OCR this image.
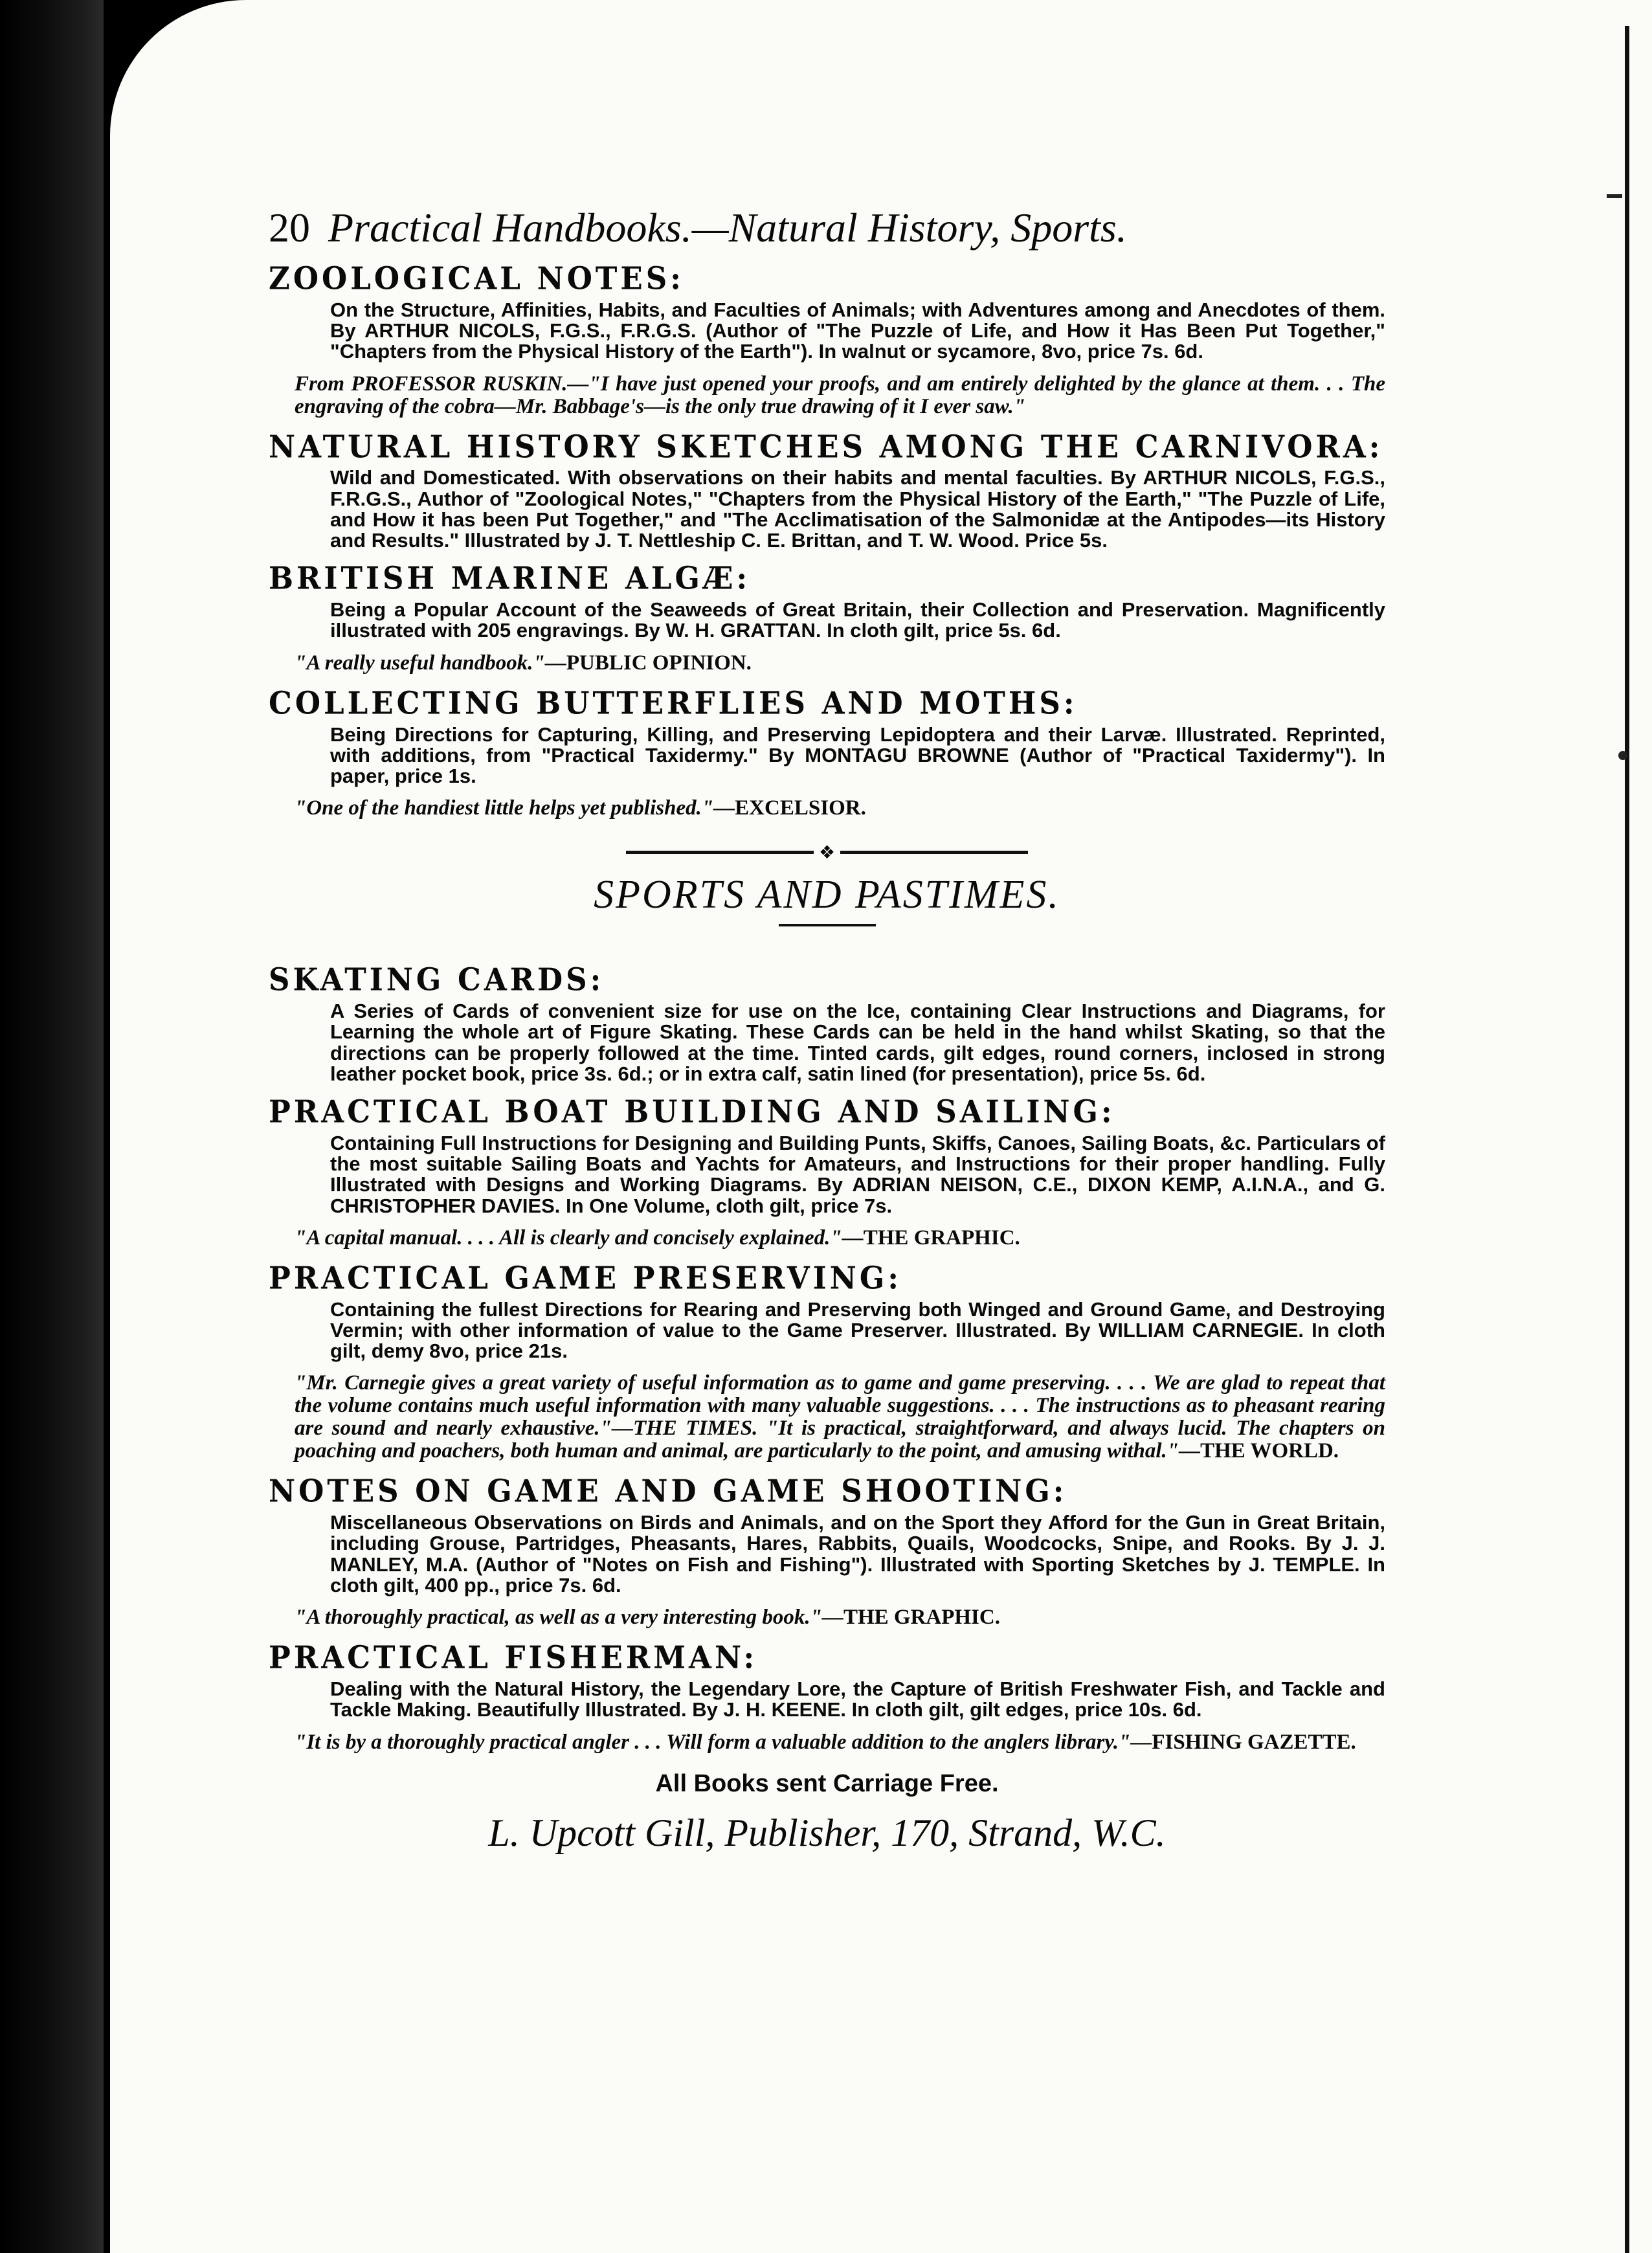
20 Practical Handbooks.—Natural History, Sports.
ZOOLOGICAL NOTES:
On the Structure, Affinities, Habits, and Faculties of Animals; with Adventures among and Anecdotes of them. By ARTHUR NICOLS, F.G.S., F.R.G.S. (Author of "The Puzzle of Life, and How it Has Been Put Together," "Chapters from the Physical History of the Earth"). In walnut or sycamore, 8vo, price 7s. 6d.
From PROFESSOR RUSKIN.—"I have just opened your proofs, and am entirely delighted by the glance at them. . . The engraving of the cobra—Mr. Babbage's—is the only true drawing of it I ever saw."
NATURAL HISTORY SKETCHES AMONG THE CARNIVORA:
Wild and Domesticated. With observations on their habits and mental faculties. By ARTHUR NICOLS, F.G.S., F.R.G.S., Author of "Zoological Notes," "Chapters from the Physical History of the Earth," "The Puzzle of Life, and How it has been Put Together," and "The Acclimatisation of the Salmonidæ at the Antipodes—its History and Results." Illustrated by J. T. Nettleship C. E. Brittan, and T. W. Wood. Price 5s.
BRITISH MARINE ALGÆ:
Being a Popular Account of the Seaweeds of Great Britain, their Collection and Preservation. Magnificently illustrated with 205 engravings. By W. H. GRATTAN. In cloth gilt, price 5s. 6d.
"A really useful handbook."—PUBLIC OPINION.
COLLECTING BUTTERFLIES AND MOTHS:
Being Directions for Capturing, Killing, and Preserving Lepidoptera and their Larvæ. Illustrated. Reprinted, with additions, from "Practical Taxidermy." By MONTAGU BROWNE (Author of "Practical Taxidermy"). In paper, price 1s.
"One of the handiest little helps yet published."—EXCELSIOR.
❖
SPORTS AND PASTIMES.
SKATING CARDS:
A Series of Cards of convenient size for use on the Ice, containing Clear Instructions and Diagrams, for Learning the whole art of Figure Skating. These Cards can be held in the hand whilst Skating, so that the directions can be properly followed at the time. Tinted cards, gilt edges, round corners, inclosed in strong leather pocket book, price 3s. 6d.; or in extra calf, satin lined (for presentation), price 5s. 6d.
PRACTICAL BOAT BUILDING AND SAILING:
Containing Full Instructions for Designing and Building Punts, Skiffs, Canoes, Sailing Boats, &c. Particulars of the most suitable Sailing Boats and Yachts for Amateurs, and Instructions for their proper handling. Fully Illustrated with Designs and Working Diagrams. By ADRIAN NEISON, C.E., DIXON KEMP, A.I.N.A., and G. CHRISTOPHER DAVIES. In One Volume, cloth gilt, price 7s.
"A capital manual. . . . All is clearly and concisely explained."—THE GRAPHIC.
PRACTICAL GAME PRESERVING:
Containing the fullest Directions for Rearing and Preserving both Winged and Ground Game, and Destroying Vermin; with other information of value to the Game Preserver. Illustrated. By WILLIAM CARNEGIE. In cloth gilt, demy 8vo, price 21s.
"Mr. Carnegie gives a great variety of useful information as to game and game preserving. . . . We are glad to repeat that the volume contains much useful information with many valuable suggestions. . . . The instructions as to pheasant rearing are sound and nearly exhaustive."—THE TIMES. "It is practical, straightforward, and always lucid. The chapters on poaching and poachers, both human and animal, are particularly to the point, and amusing withal."—THE WORLD.
NOTES ON GAME AND GAME SHOOTING:
Miscellaneous Observations on Birds and Animals, and on the Sport they Afford for the Gun in Great Britain, including Grouse, Partridges, Pheasants, Hares, Rabbits, Quails, Woodcocks, Snipe, and Rooks. By J. J. MANLEY, M.A. (Author of "Notes on Fish and Fishing"). Illustrated with Sporting Sketches by J. TEMPLE. In cloth gilt, 400 pp., price 7s. 6d.
"A thoroughly practical, as well as a very interesting book."—THE GRAPHIC.
PRACTICAL FISHERMAN:
Dealing with the Natural History, the Legendary Lore, the Capture of British Freshwater Fish, and Tackle and Tackle Making. Beautifully Illustrated. By J. H. KEENE. In cloth gilt, gilt edges, price 10s. 6d.
"It is by a thoroughly practical angler . . . Will form a valuable addition to the anglers library."—FISHING GAZETTE.
All Books sent Carriage Free.
L. Upcott Gill, Publisher, 170, Strand, W.C.
